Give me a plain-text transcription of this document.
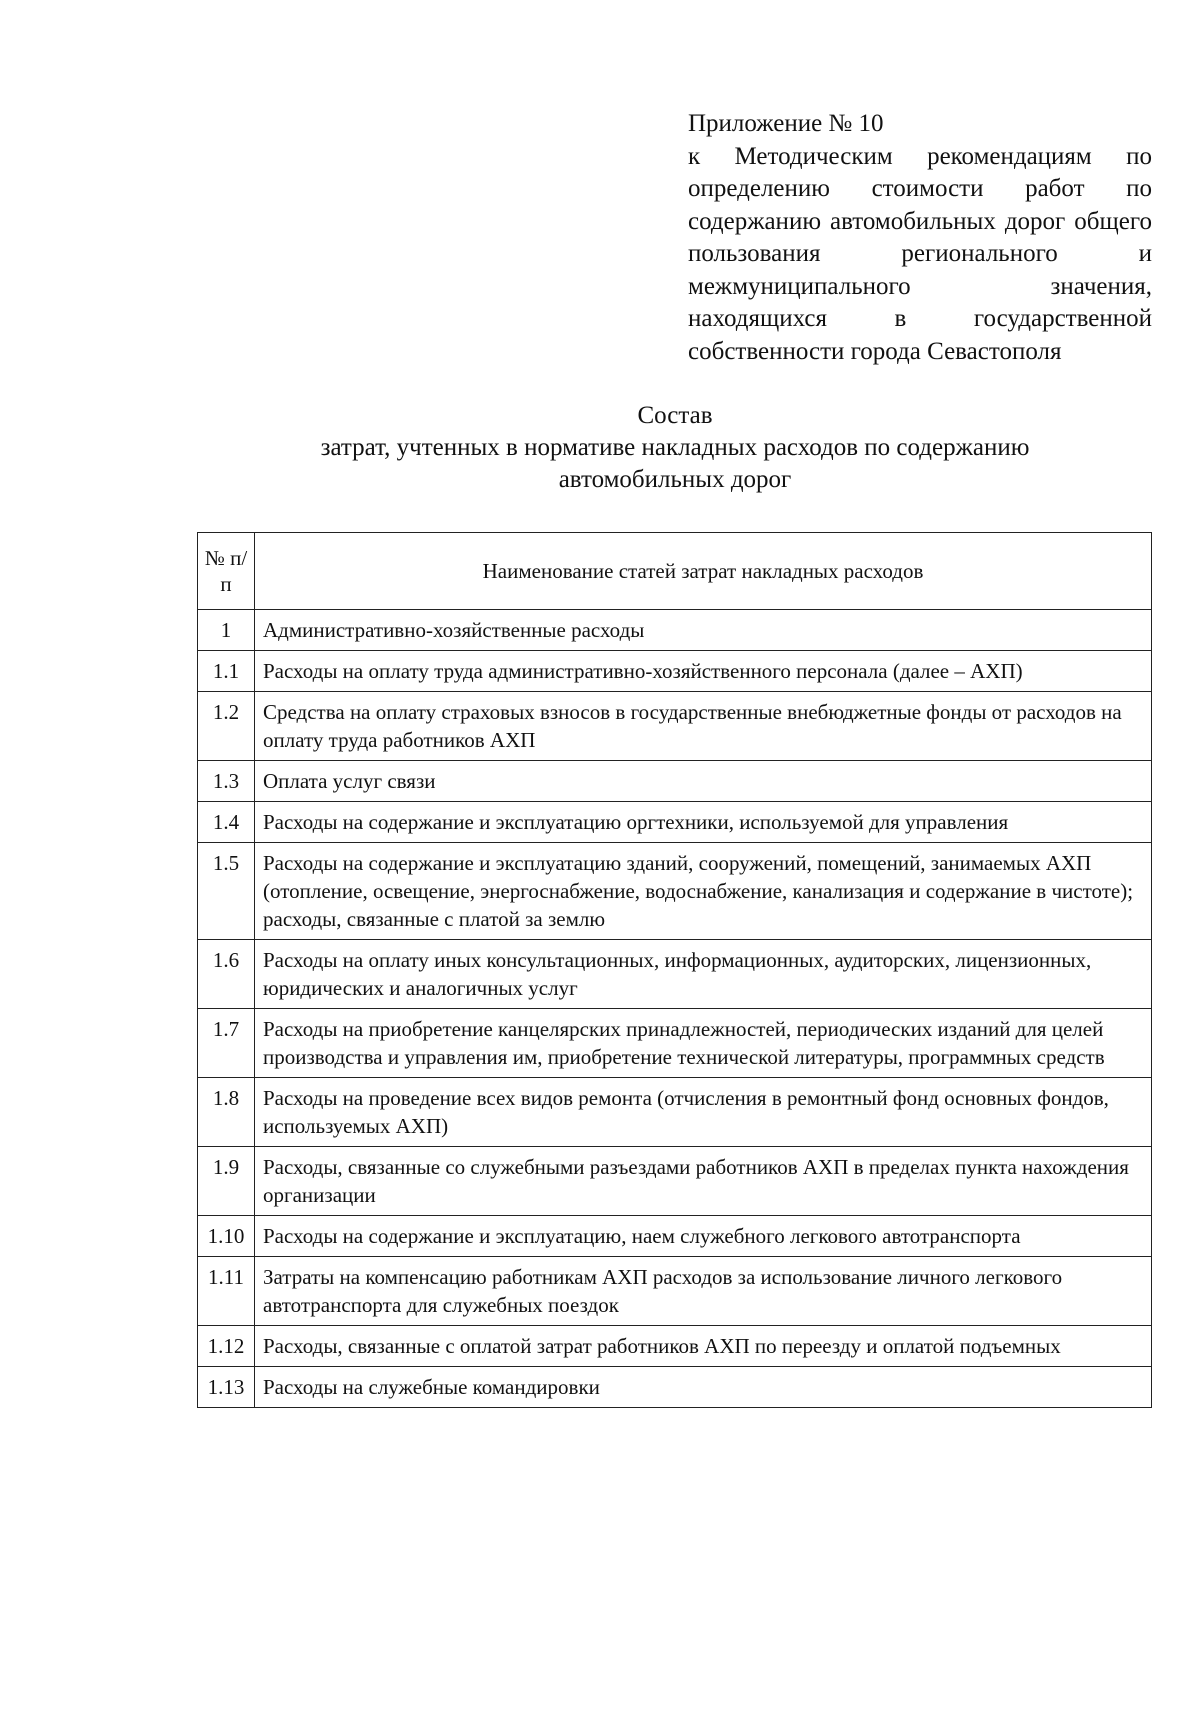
Приложение № 10
к Методическим рекомендациям по определению стоимости работ по содержанию автомобильных дорог общего пользования регионального и межмуниципального значения, находящихся в государственной собственности города Севастополя
Состав
затрат, учтенных в нормативе накладных расходов по содержанию автомобильных дорог
№ п/п	Наименование статей затрат накладных расходов
1	Административно-хозяйственные расходы
1.1	Расходы на оплату труда административно-хозяйственного персонала (далее – АХП)
1.2	Средства на оплату страховых взносов в государственные внебюджетные фонды от расходов на оплату труда работников АХП
1.3	Оплата услуг связи
1.4	Расходы на содержание и эксплуатацию оргтехники, используемой для управления
1.5	Расходы на содержание и эксплуатацию зданий, сооружений, помещений, занимаемых АХП (отопление, освещение, энергоснабжение, водоснабжение, канализация и содержание в чистоте); расходы, связанные с платой за землю
1.6	Расходы на оплату иных консультационных, информационных, аудиторских, лицензионных, юридических и аналогичных услуг
1.7	Расходы на приобретение канцелярских принадлежностей, периодических изданий для целей производства и управления им, приобретение технической литературы, программных средств
1.8	Расходы на проведение всех видов ремонта (отчисления в ремонтный фонд основных фондов, используемых АХП)
1.9	Расходы, связанные со служебными разъездами работников АХП в пределах пункта нахождения организации
1.10	Расходы на содержание и эксплуатацию, наем служебного легкового автотранспорта
1.11	Затраты на компенсацию работникам АХП расходов за использование личного легкового автотранспорта для служебных поездок
1.12	Расходы, связанные с оплатой затрат работников АХП по переезду и оплатой подъемных
1.13	Расходы на служебные командировки
